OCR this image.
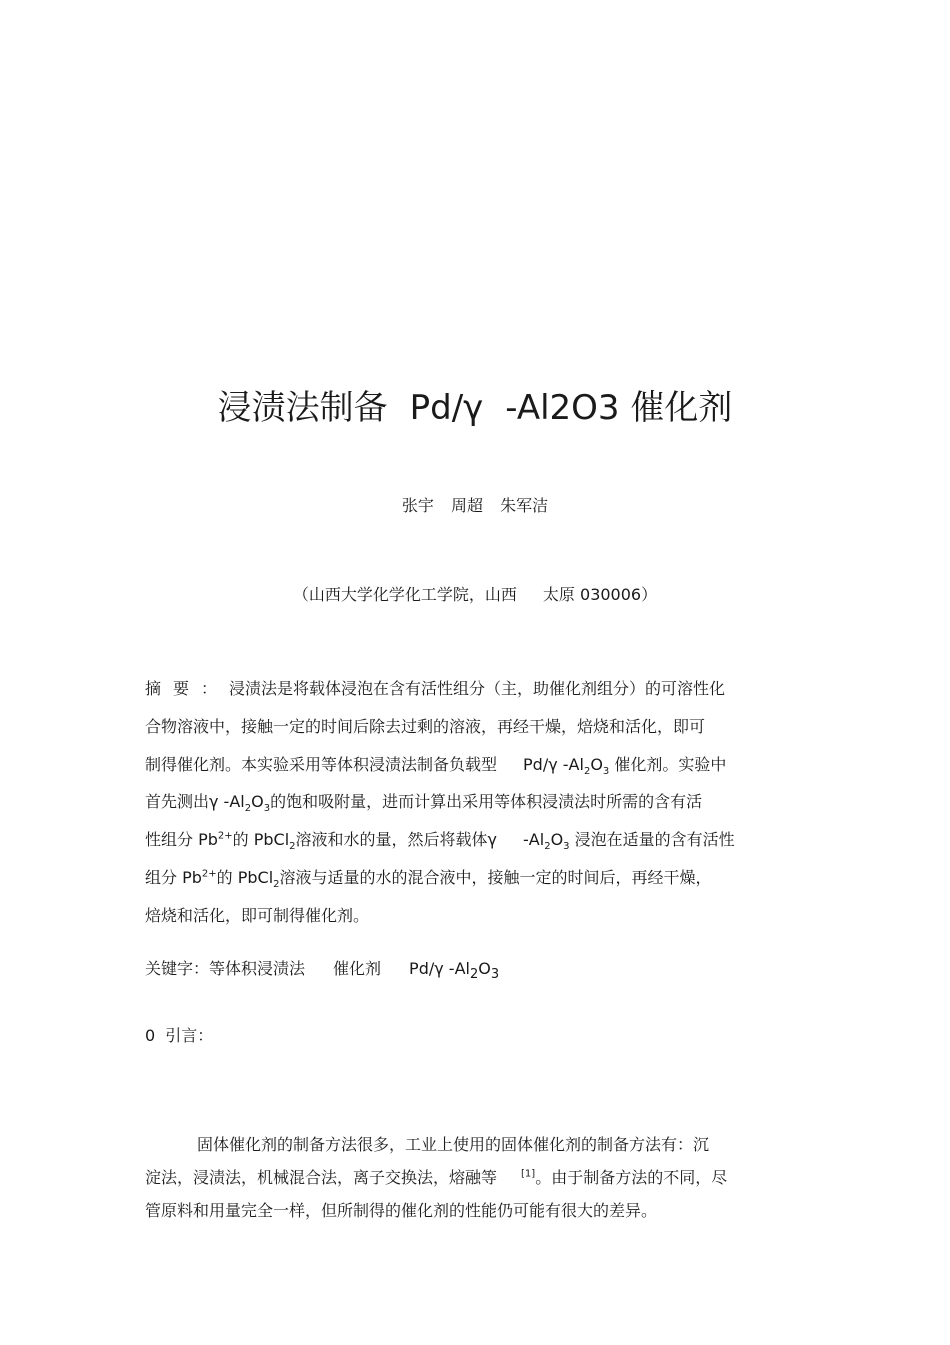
浸渍法制备 Pd/γ -Al2O3 催化剂
张宇 周超 朱军洁
（山西大学化学化工学院，山西 太原 030006）
摘要：浸渍法是将载体浸泡在含有活性组分（主，助催化剂组分）的可溶性化
合物溶液中，接触一定的时间后除去过剩的溶液，再经干燥，焙烧和活化，即可
制得催化剂。本实验采用等体积浸渍法制备负载型 Pd/γ $-Al_2O_3$ 催化剂。实验中
首先测出γ $-Al_2O_3$的饱和吸附量，进而计算出采用等体积浸渍法时所需的含有活
性组分 $Pb^{2+}$的 PbCl$_2$溶液和水的量，然后将载体γ $-Al_2O_3$ 浸泡在适量的含有活性
组分 $Pb^{2+}$的 PbCl$_2$溶液与适量的水的混合液中，接触一定的时间后，再经干燥，
焙烧和活化，即可制得催化剂。
关键字：等体积浸渍法 催化剂 Pd/γ $-Al_2O_3$
0 引言：
固体催化剂的制备方法很多，工业上使用的固体催化剂的制备方法有：沉
淀法，浸渍法，机械混合法，离子交换法，熔融等 [1]。由于制备方法的不同，尽
管原料和用量完全一样，但所制得的催化剂的性能仍可能有很大的差异。
